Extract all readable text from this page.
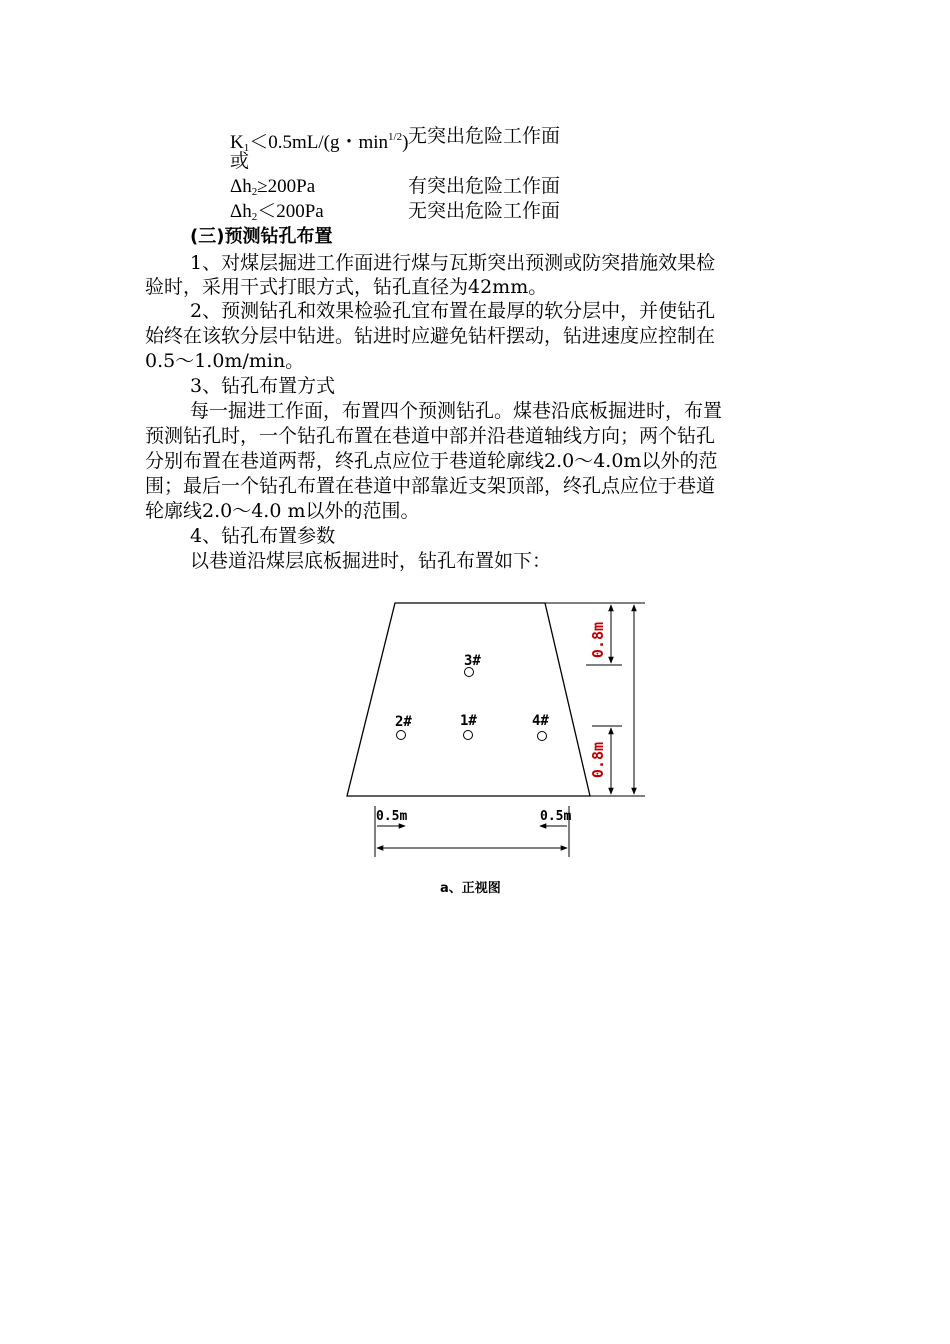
$K_1<0.5mL/(g$・$\min^{1/2}$) 无突出危险工作面
或
$\Delta h_2\ge 200Pa$	有突出危险工作面
$\Delta h_2<200Pa$	无突出危险工作面
(三)预测钻孔布置
1、对煤层掘进工作面进行煤与瓦斯突出预测或防突措施效果检
验时，采用干式打眼方式，钻孔直径为42mm。
2、预测钻孔和效果检验孔宜布置在最厚的软分层中，并使钻孔
始终在该软分层中钻进。钻进时应避免钻杆摆动，钻进速度应控制在
0.5～1.0m/min。
3、钻孔布置方式
每一掘进工作面，布置四个预测钻孔。煤巷沿底板掘进时，布置
预测钻孔时，一个钻孔布置在巷道中部并沿巷道轴线方向；两个钻孔
分别布置在巷道两帮，终孔点应位于巷道轮廓线2.0～4.0m以外的范
围；最后一个钻孔布置在巷道中部靠近支架顶部，终孔点应位于巷道
轮廓线2.0～4.0 m以外的范围。
4、钻孔布置参数
以巷道沿煤层底板掘进时，钻孔布置如下：
3#
2#	1#	4#
0.8m
0.8m
0.5m	0.5m
a、正视图
